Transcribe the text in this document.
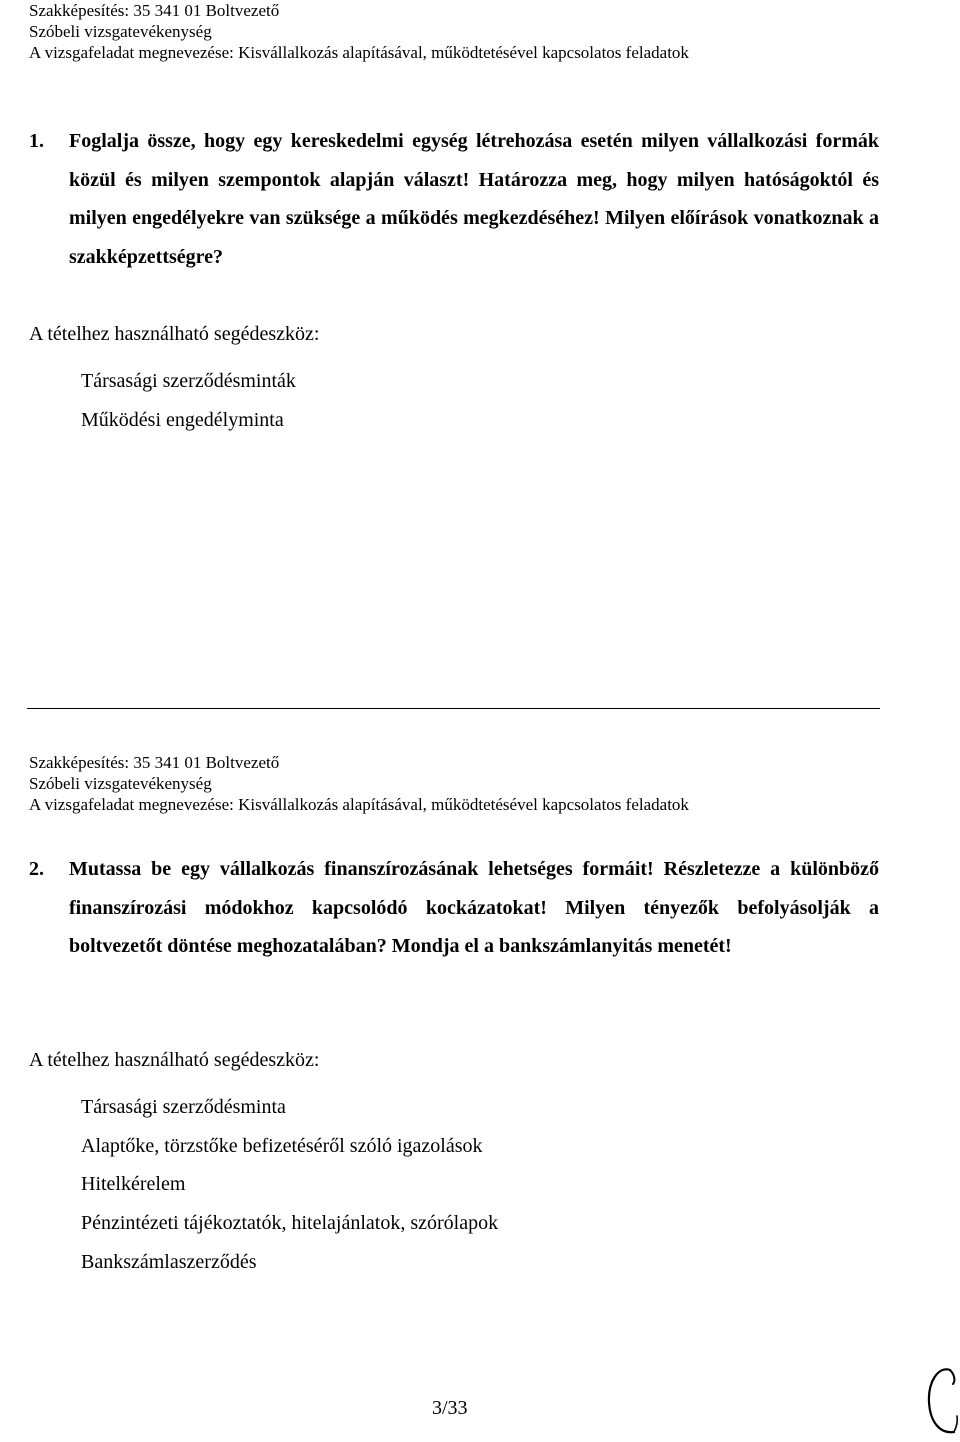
Szakképesítés: 35 341 01 Boltvezető
Szóbeli vizsgatevékenység
A vizsgafeladat megnevezése: Kisvállalkozás alapításával, működtetésével kapcsolatos feladatok
1. Foglalja össze, hogy egy kereskedelmi egység létrehozása esetén milyen vállalkozási formák közül és milyen szempontok alapján választ! Határozza meg, hogy milyen hatóságoktól és milyen engedélyekre van szüksége a működés megkezdéséhez! Milyen előírások vonatkoznak a szakképzettségre?
A tételhez használható segédeszköz:
Társasági szerződésminták
Működési engedélyminta
Szakképesítés: 35 341 01 Boltvezető
Szóbeli vizsgatevékenység
A vizsgafeladat megnevezése: Kisvállalkozás alapításával, működtetésével kapcsolatos feladatok
2. Mutassa be egy vállalkozás finanszírozásának lehetséges formáit! Részletezze a különböző finanszírozási módokhoz kapcsolódó kockázatokat! Milyen tényezők befolyásolják a boltvezetőt döntése meghozatalában? Mondja el a bankszámlanyitás menetét!
A tételhez használható segédeszköz:
Társasági szerződésminta
Alaptőke, törzstőke befizetéséről szóló igazolások
Hitelkérelem
Pénzintézeti tájékoztatók, hitelajánlatok, szórólapok
Bankszámlaszerződés
3/33
